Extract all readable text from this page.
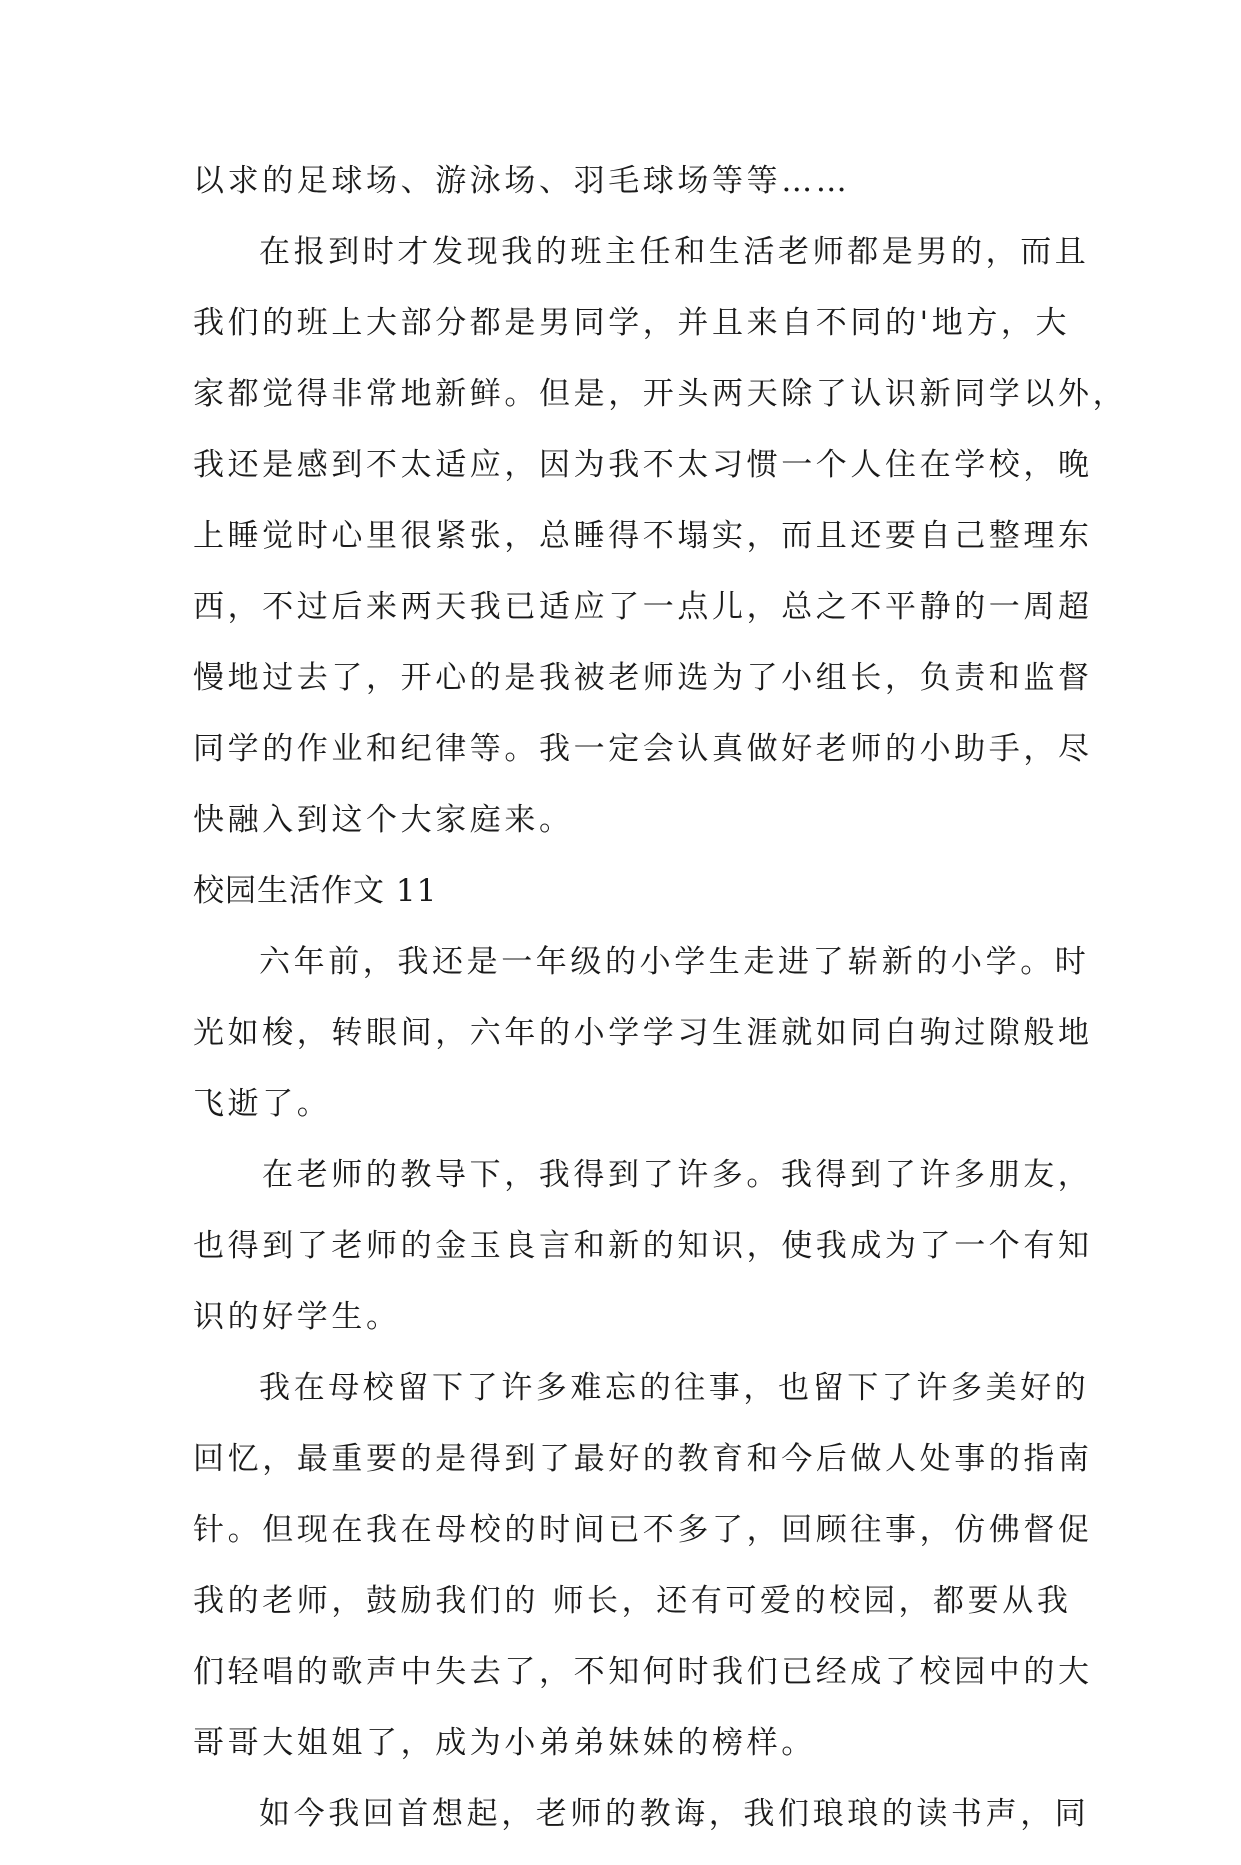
以求的足球场、游泳场、羽毛球场等等……
在报到时才发现我的班主任和生活老师都是男的，而且
我们的班上大部分都是男同学，并且来自不同的'地方，大
家都觉得非常地新鲜。但是，开头两天除了认识新同学以外，
我还是感到不太适应，因为我不太习惯一个人住在学校，晚
上睡觉时心里很紧张，总睡得不塌实，而且还要自己整理东
西，不过后来两天我已适应了一点儿，总之不平静的一周超
慢地过去了，开心的是我被老师选为了小组长，负责和监督
同学的作业和纪律等。我一定会认真做好老师的小助手，尽
快融入到这个大家庭来。
校园生活作文 11
六年前，我还是一年级的小学生走进了崭新的小学。时
光如梭，转眼间，六年的小学学习生涯就如同白驹过隙般地
飞逝了。
在老师的教导下，我得到了许多。我得到了许多朋友，
也得到了老师的金玉良言和新的知识，使我成为了一个有知
识的好学生。
我在母校留下了许多难忘的往事，也留下了许多美好的
回忆，最重要的是得到了最好的教育和今后做人处事的指南
针。但现在我在母校的时间已不多了，回顾往事，仿佛督促
我的老师，鼓励我们的 师长，还有可爱的校园，都要从我
们轻唱的歌声中失去了，不知何时我们已经成了校园中的大
哥哥大姐姐了，成为小弟弟妹妹的榜样。
如今我回首想起，老师的教诲，我们琅琅的读书声，同
